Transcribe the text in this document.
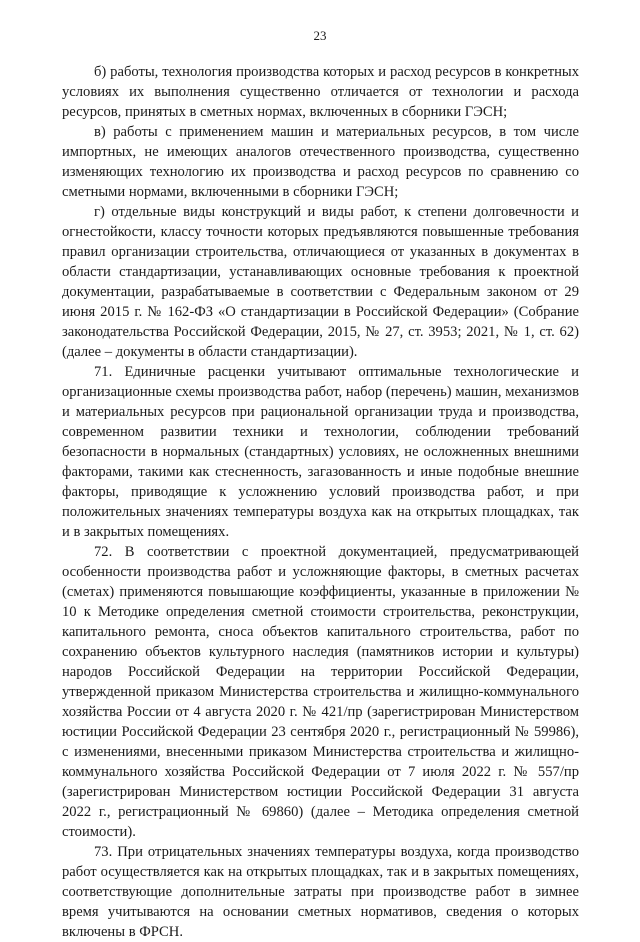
23

б) работы, технология производства которых и расход ресурсов в конкретных условиях их выполнения существенно отличается от технологии и расхода ресурсов, принятых в сметных нормах, включенных в сборники ГЭСН;

в) работы с применением машин и материальных ресурсов, в том числе импортных, не имеющих аналогов отечественного производства, существенно изменяющих технологию их производства и расход ресурсов по сравнению со сметными нормами, включенными в сборники ГЭСН;

г) отдельные виды конструкций и виды работ, к степени долговечности и огнестойкости, классу точности которых предъявляются повышенные требования правил организации строительства, отличающиеся от указанных в документах в области стандартизации, устанавливающих основные требования к проектной документации, разрабатываемые в соответствии с Федеральным законом от 29 июня 2015 г. № 162-ФЗ «О стандартизации в Российской Федерации» (Собрание законодательства Российской Федерации, 2015, № 27, ст. 3953; 2021, № 1, ст. 62) (далее – документы в области стандартизации).

71. Единичные расценки учитывают оптимальные технологические и организационные схемы производства работ, набор (перечень) машин, механизмов и материальных ресурсов при рациональной организации труда и производства, современном развитии техники и технологии, соблюдении требований безопасности в нормальных (стандартных) условиях, не осложненных внешними факторами, такими как стесненность, загазованность и иные подобные внешние факторы, приводящие к усложнению условий производства работ, и при положительных значениях температуры воздуха как на открытых площадках, так и в закрытых помещениях.

72. В соответствии с проектной документацией, предусматривающей особенности производства работ и усложняющие факторы, в сметных расчетах (сметах) применяются повышающие коэффициенты, указанные в приложении № 10 к Методике определения сметной стоимости строительства, реконструкции, капитального ремонта, сноса объектов капитального строительства, работ по сохранению объектов культурного наследия (памятников истории и культуры) народов Российской Федерации на территории Российской Федерации, утвержденной приказом Министерства строительства и жилищно-коммунального хозяйства России от 4 августа 2020 г. № 421/пр (зарегистрирован Министерством юстиции Российской Федерации 23 сентября 2020 г., регистрационный № 59986), с изменениями, внесенными приказом Министерства строительства и жилищно-коммунального хозяйства Российской Федерации от 7 июля 2022 г. № 557/пр (зарегистрирован Министерством юстиции Российской Федерации 31 августа 2022 г., регистрационный № 69860) (далее – Методика определения сметной стоимости).

73. При отрицательных значениях температуры воздуха, когда производство работ осуществляется как на открытых площадках, так и в закрытых помещениях, соответствующие дополнительные затраты при производстве работ в зимнее время учитываются на основании сметных нормативов, сведения о которых включены в ФРСН.
